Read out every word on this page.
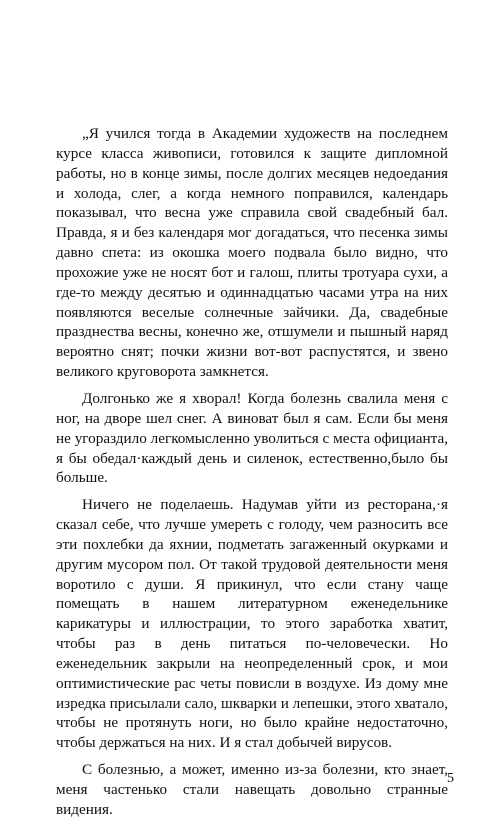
„Я учился тогда в Академии художеств на последнем курсе класса живописи, готовился к защите дипломной работы, но в конце зимы, после долгих месяцев недоедания и холода, слег, а когда немного поправился, календарь показывал, что весна уже справила свой свадебный бал. Правда, я и без календаря мог догадаться, что песенка зимы давно спета: из окошка моего подвала было видно, что прохожие уже не носят бот и галош, плиты тротуара сухи, а где-то между десятью и одиннадцатью часами утра на них появляются веселые солнечные зайчики. Да, свадебные празднества весны, конечно же, отшумели и пышный наряд вероятно снят; почки жизни вот-вот распустятся, и звено великого круговорота замкнется.

Долгонько же я хворал! Когда болезнь свалила меня с ног, на дворе шел снег. А виноват был я сам. Если бы меня не угораздило легкомысленно уволиться с места официанта, я бы обедал·каждый день и силенок, естественно,было бы больше.

Ничего не поделаешь. Надумав уйти из ресторана,·я сказал себе, что лучше умереть с голоду, чем разносить все эти похлебки да яхнии, подметать загаженный окурками и другим мусором пол. От такой трудовой деятельности меня воротило с души. Я прикинул, что если стану чаще помещать в нашем литературном еженедельнике карикатуры и иллюстрации, то этого заработка хватит, чтобы раз в день питаться по-человечески. Но еженедельник закрыли на неопределенный срок, и мои оптимистические рас четы повисли в воздухе. Из дому мне изредка присылали сало, шкварки и лепешки, этого хватало, чтобы не протянуть ноги, но было крайне недостаточно, чтобы держаться на них. И я стал добычей вирусов.

С болезнью, а может, именно из-за болезни, кто знает, меня частенько стали навещать довольно странные видения.

5
